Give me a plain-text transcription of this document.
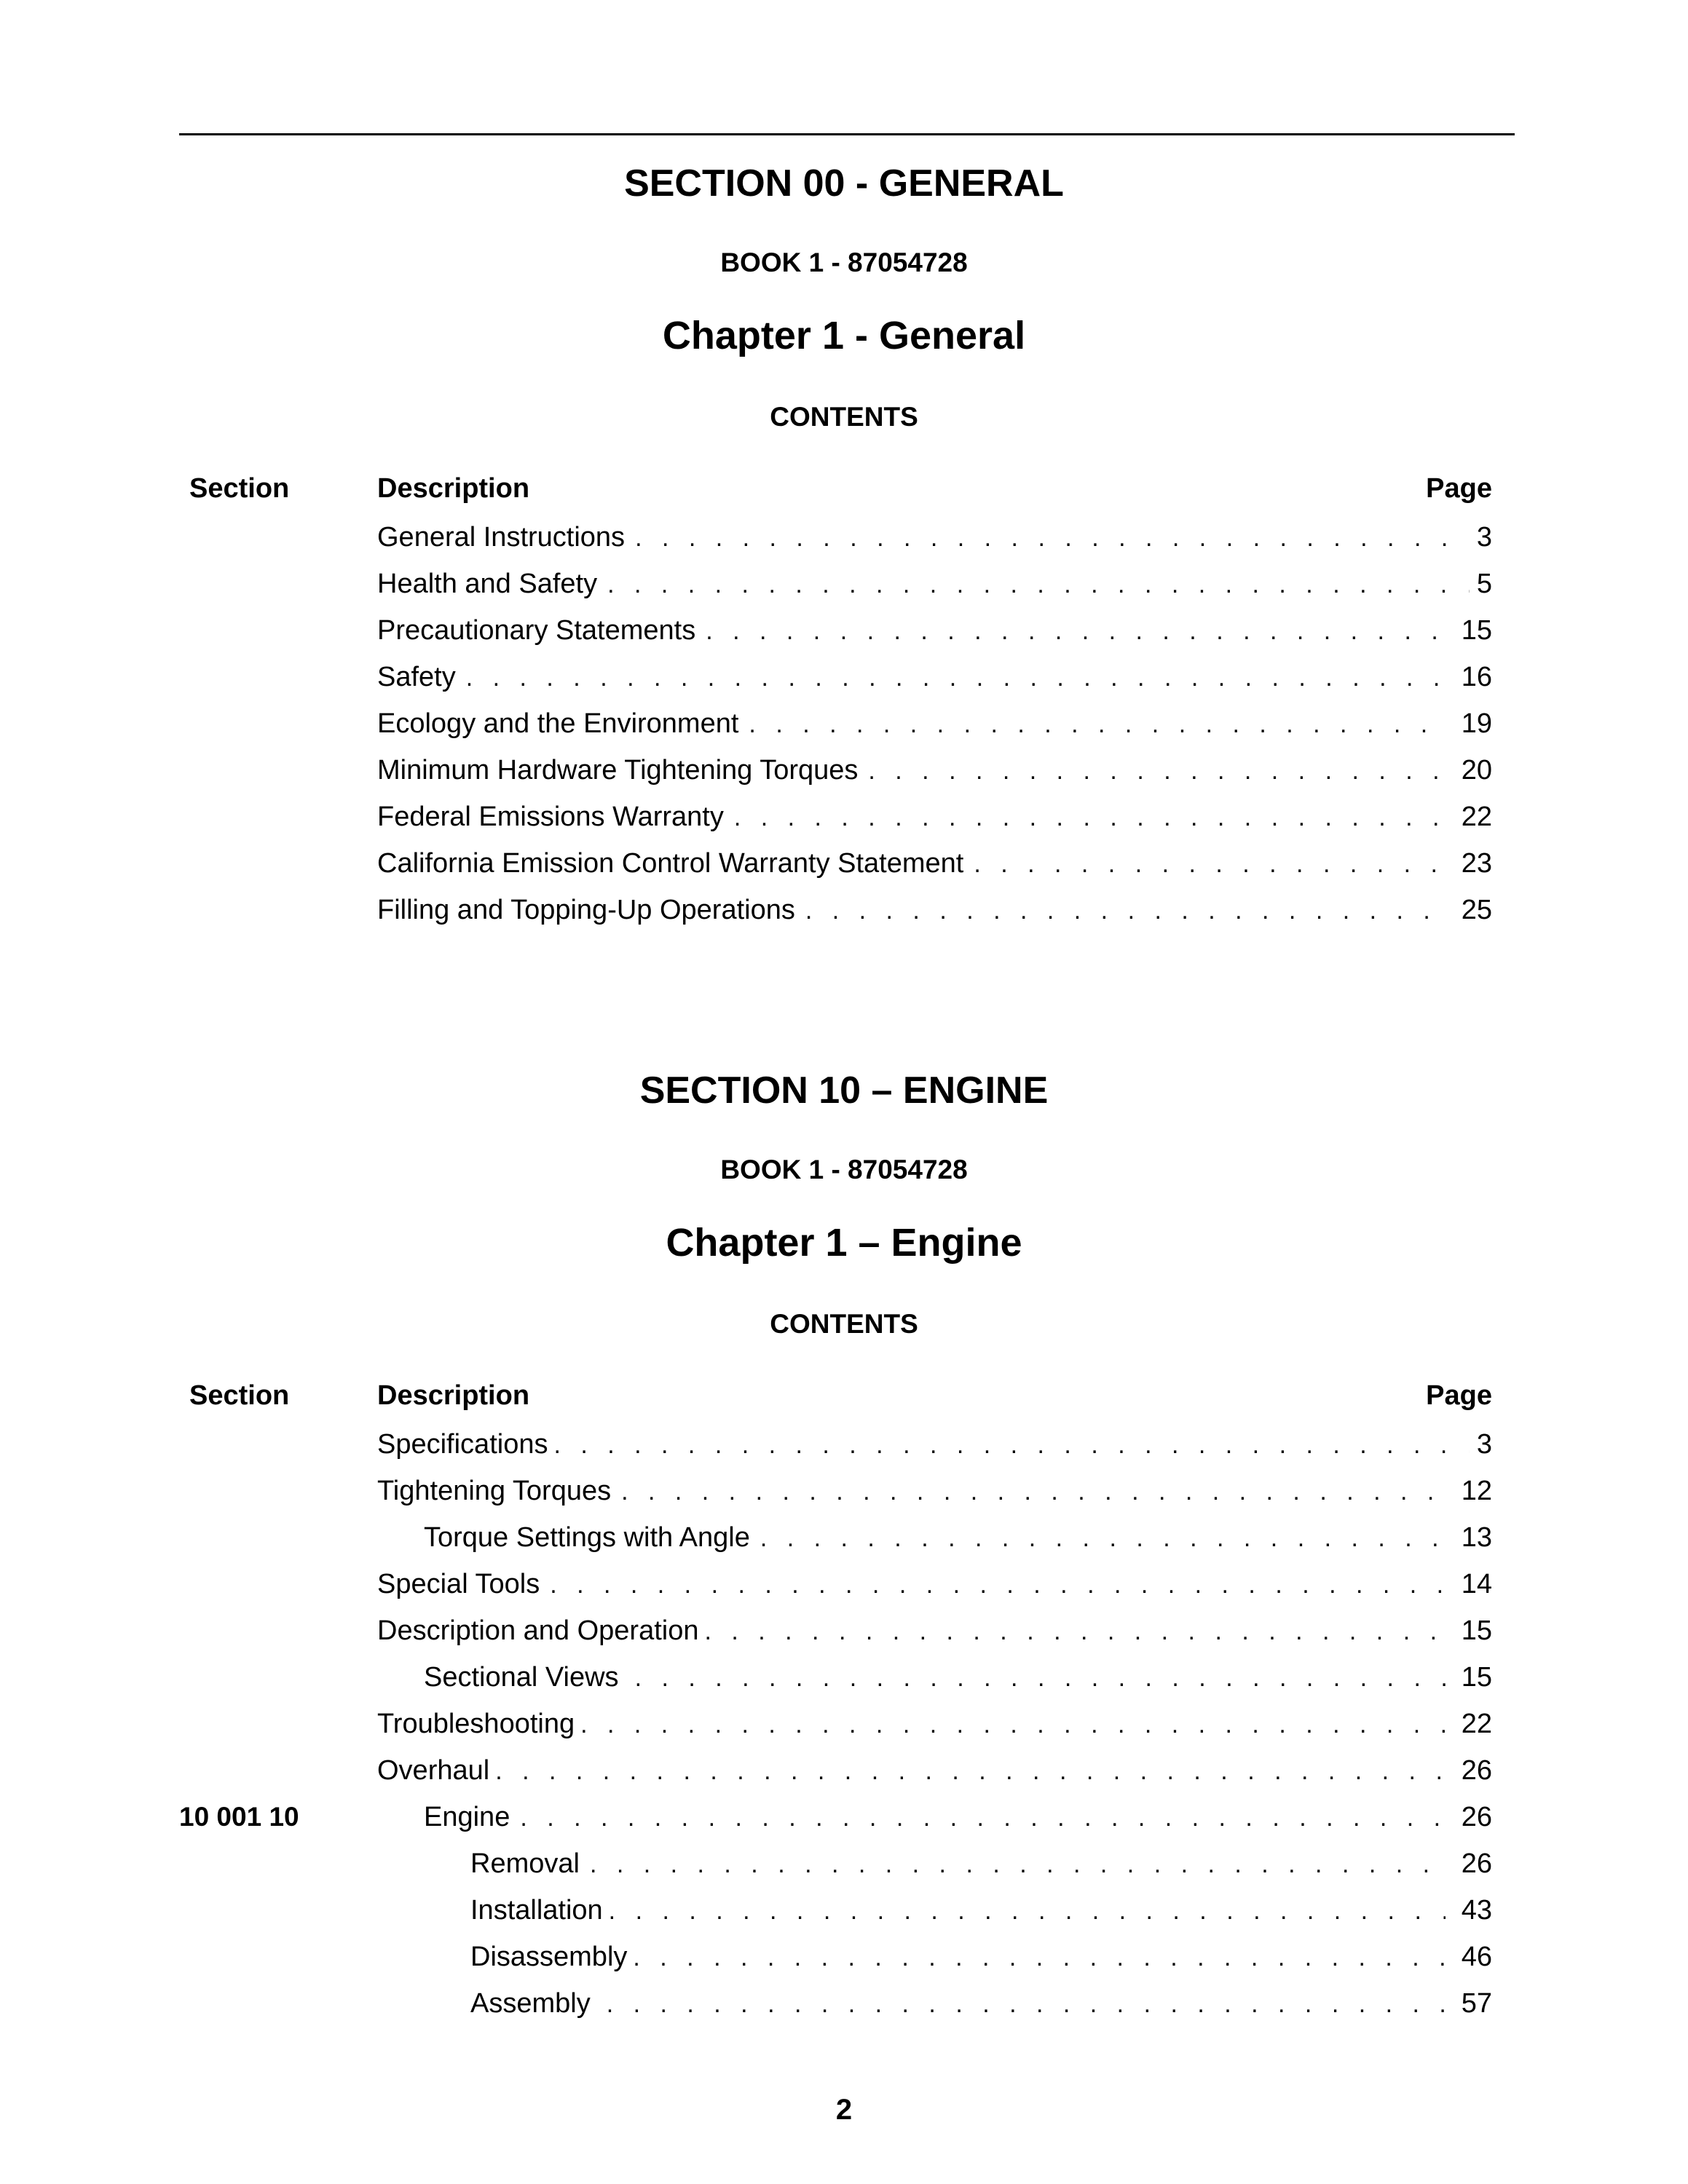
SECTION 00 - GENERAL
BOOK 1 - 87054728
Chapter 1 - General
CONTENTS
Section	Description	Page
General Instructions . . .	3
Health and Safety . . .	5
Precautionary Statements . . .	15
Safety . . .	16
Ecology and the Environment . . .	19
Minimum Hardware Tightening Torques . . .	20
Federal Emissions Warranty . . .	22
California Emission Control Warranty Statement . . .	23
Filling and Topping-Up Operations . . .	25
SECTION 10 – ENGINE
BOOK 1 - 87054728
Chapter 1 – Engine
CONTENTS
Section	Description	Page
Specifications . . .	3
Tightening Torques . . .	12
Torque Settings with Angle . . .	13
Special Tools . . .	14
Description and Operation . . .	15
Sectional Views . . .	15
Troubleshooting . . .	22
Overhaul . . .	26
10 001 10	Engine . . .	26
Removal . . .	26
Installation . . .	43
Disassembly . . .	46
Assembly . . .	57
2
